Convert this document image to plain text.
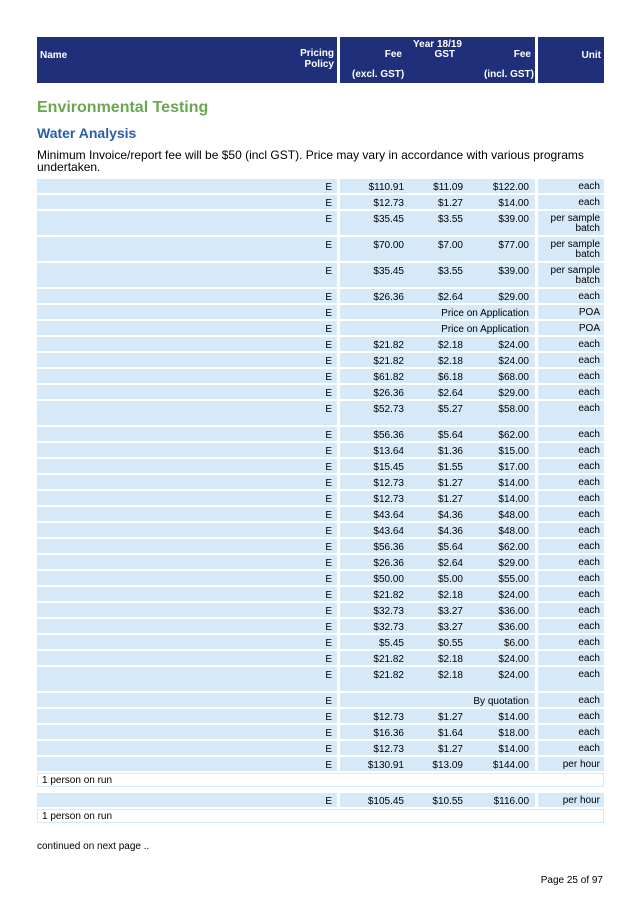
Name	Pricing
Policy
Year 18/19
Fee	GST	Fee
(excl. GST)	(incl. GST)
Unit
Environmental Testing
Water Analysis

Minimum Invoice/report fee will be $50 (incl GST). Price may vary in accordance with various programs undertaken.

E	$110.91	$11.09	$122.00	each
E	$12.73	$1.27	$14.00	each
E	$35.45	$3.55	$39.00	per sample
batch
E	$70.00	$7.00	$77.00	per sample
batch
E	$35.45	$3.55	$39.00	per sample
batch
E	$26.36	$2.64	$29.00	each
E	Price on Application	POA
E	Price on Application	POA
E	$21.82	$2.18	$24.00	each
E	$21.82	$2.18	$24.00	each
E	$61.82	$6.18	$68.00	each
E	$26.36	$2.64	$29.00	each
E	$52.73	$5.27	$58.00	each
E	$56.36	$5.64	$62.00	each
E	$13.64	$1.36	$15.00	each
E	$15.45	$1.55	$17.00	each
E	$12.73	$1.27	$14.00	each
E	$12.73	$1.27	$14.00	each
E	$43.64	$4.36	$48.00	each
E	$43.64	$4.36	$48.00	each
E	$56.36	$5.64	$62.00	each
E	$26.36	$2.64	$29.00	each
E	$50.00	$5.00	$55.00	each
E	$21.82	$2.18	$24.00	each
E	$32.73	$3.27	$36.00	each
E	$32.73	$3.27	$36.00	each
E	$5.45	$0.55	$6.00	each
E	$21.82	$2.18	$24.00	each
E	$21.82	$2.18	$24.00	each
E	By quotation	each
E	$12.73	$1.27	$14.00	each
E	$16.36	$1.64	$18.00	each
E	$12.73	$1.27	$14.00	each
E	$130.91	$13.09	$144.00	per hour
1 person on run
E	$105.45	$10.55	$116.00	per hour
1 person on run
continued on next page ..
Page 25 of 97
